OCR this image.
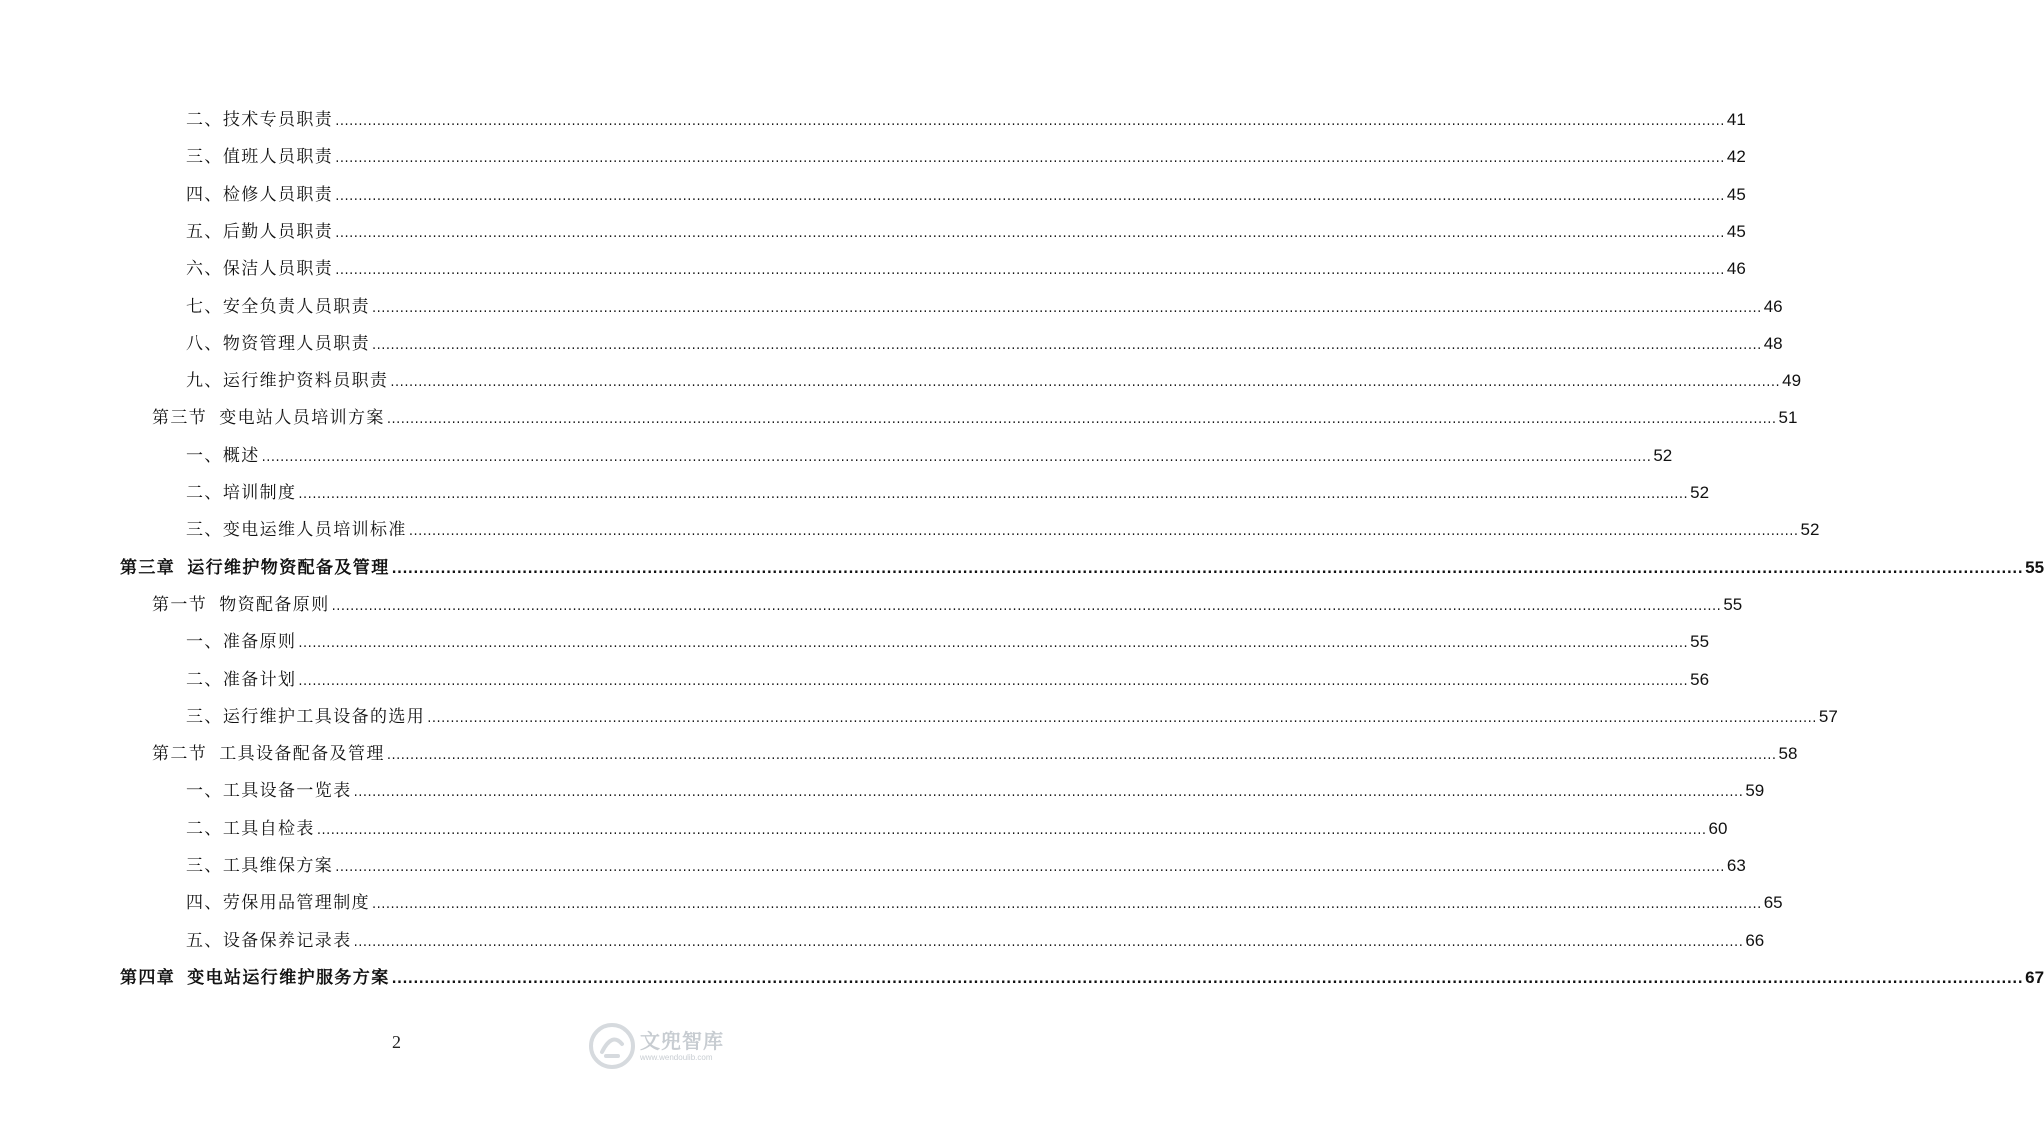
二、 技术专员职责 ............................................................................................................................................................................................................................................................................................................ 41
三、 值班人员职责 ............................................................................................................................................................................................................................................................................................................ 42
四、 检修人员职责 ............................................................................................................................................................................................................................................................................................................ 45
五、 后勤人员职责 ............................................................................................................................................................................................................................................................................................................ 45
六、 保洁人员职责 ............................................................................................................................................................................................................................................................................................................ 46
七、 安全负责人员职责 ............................................................................................................................................................................................................................................................................................................ 46
八、 物资管理人员职责 ............................................................................................................................................................................................................................................................................................................ 48
九、 运行维护资料员职责 ............................................................................................................................................................................................................................................................................................................ 49
第三节 变电站人员培训方案 ............................................................................................................................................................................................................................................................................................................ 51
一、 概述 ............................................................................................................................................................................................................................................................................................................ 52
二、 培训制度 ............................................................................................................................................................................................................................................................................................................ 52
三、 变电运维人员培训标准 ............................................................................................................................................................................................................................................................................................................ 52
第三章 运行维护物资配备及管理 ............................................................................................................................................................................................................................................................................................................ 55
第一节 物资配备原则 ............................................................................................................................................................................................................................................................................................................ 55
一、 准备原则 ............................................................................................................................................................................................................................................................................................................ 55
二、 准备计划 ............................................................................................................................................................................................................................................................................................................ 56
三、 运行维护工具设备的选用 ............................................................................................................................................................................................................................................................................................................ 57
第二节 工具设备配备及管理 ............................................................................................................................................................................................................................................................................................................ 58
一、 工具设备一览表 ............................................................................................................................................................................................................................................................................................................ 59
二、 工具自检表 ............................................................................................................................................................................................................................................................................................................ 60
三、 工具维保方案 ............................................................................................................................................................................................................................................................................................................ 63
四、 劳保用品管理制度 ............................................................................................................................................................................................................................................................................................................ 65
五、 设备保养记录表 ............................................................................................................................................................................................................................................................................................................ 66
第四章 变电站运行维护服务方案 ............................................................................................................................................................................................................................................................................................................ 67
2	文兜智库
www.wendoulib.com
